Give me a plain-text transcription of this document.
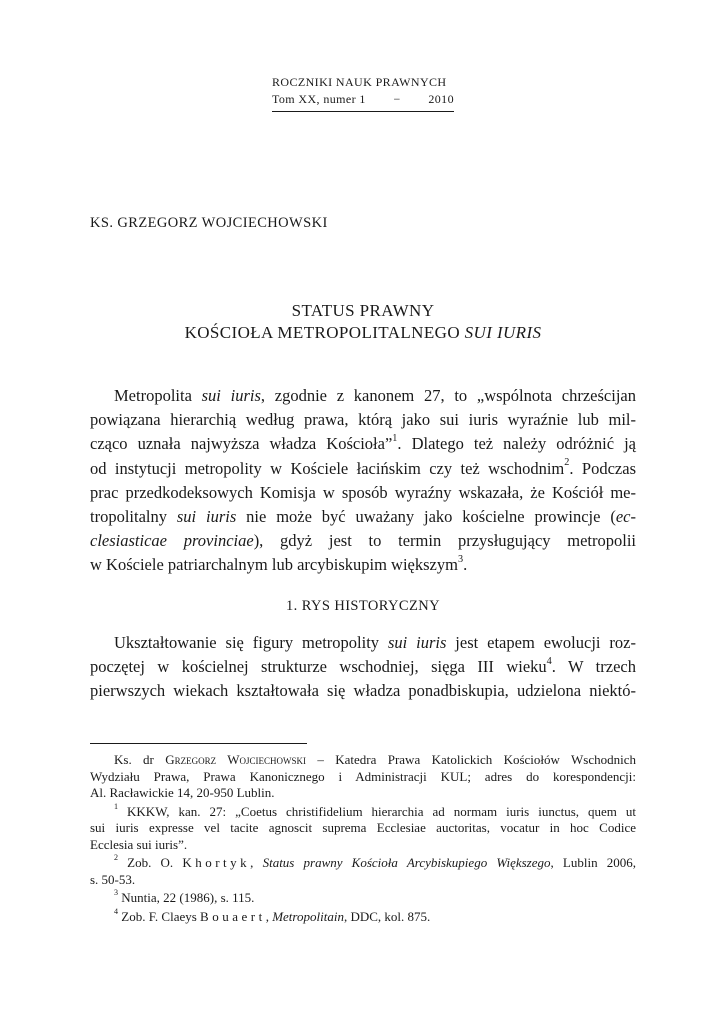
ROCZNIKI NAUK PRAWNYCH
Tom XX, numer 1 − 2010
KS. GRZEGORZ WOJCIECHOWSKI
STATUS PRAWNY
KOŚCIOŁA METROPOLITALNEGO SUI IURIS
Metropolita sui iuris, zgodnie z kanonem 27, to „wspólnota chrześcijan
powiązana hierarchią według prawa, którą jako sui iuris wyraźnie lub mil-
cząco uznała najwyższa władza Kościoła”$^1$. Dlatego też należy odróżnić ją
od instytucji metropolity w Kościele łacińskim czy też wschodnim$^2$. Podczas
prac przedkodeksowych Komisja w sposób wyraźny wskazała, że Kościół me-
tropolitalny sui iuris nie może być uważany jako kościelne prowincje (ec-
clesiasticae provinciae), gdyż jest to termin przysługujący metropolii
w Kościele patriarchalnym lub arcybiskupim większym$^3$.
1. RYS HISTORYCZNY
Ukształtowanie się figury metropolity sui iuris jest etapem ewolucji roz-
poczętej w kościelnej strukturze wschodniej, sięga III wieku$^4$. W trzech
pierwszych wiekach kształtowała się władza ponadbiskupia, udzielona niektó-
Ks. dr Grzegorz Wojciechowski – Katedra Prawa Katolickich Kościołów Wschodnich
Wydziału Prawa, Prawa Kanonicznego i Administracji KUL; adres do korespondencji:
Al. Racławickie 14, 20-950 Lublin.
$^1$ KKKW, kan. 27: „Coetus christifidelium hierarchia ad normam iuris iunctus, quem ut
sui iuris expresse vel tacite agnoscit suprema Ecclesiae auctoritas, vocatur in hoc Codice
Ecclesia sui iuris”.
$^2$ Zob. O. Khortyk, Status prawny Kościoła Arcybiskupiego Większego, Lublin 2006,
s. 50-53.
$^3$ Nuntia, 22 (1986), s. 115.
$^4$ Zob. F. Claeys Bouaert, Metropolitain, DDC, kol. 875.
